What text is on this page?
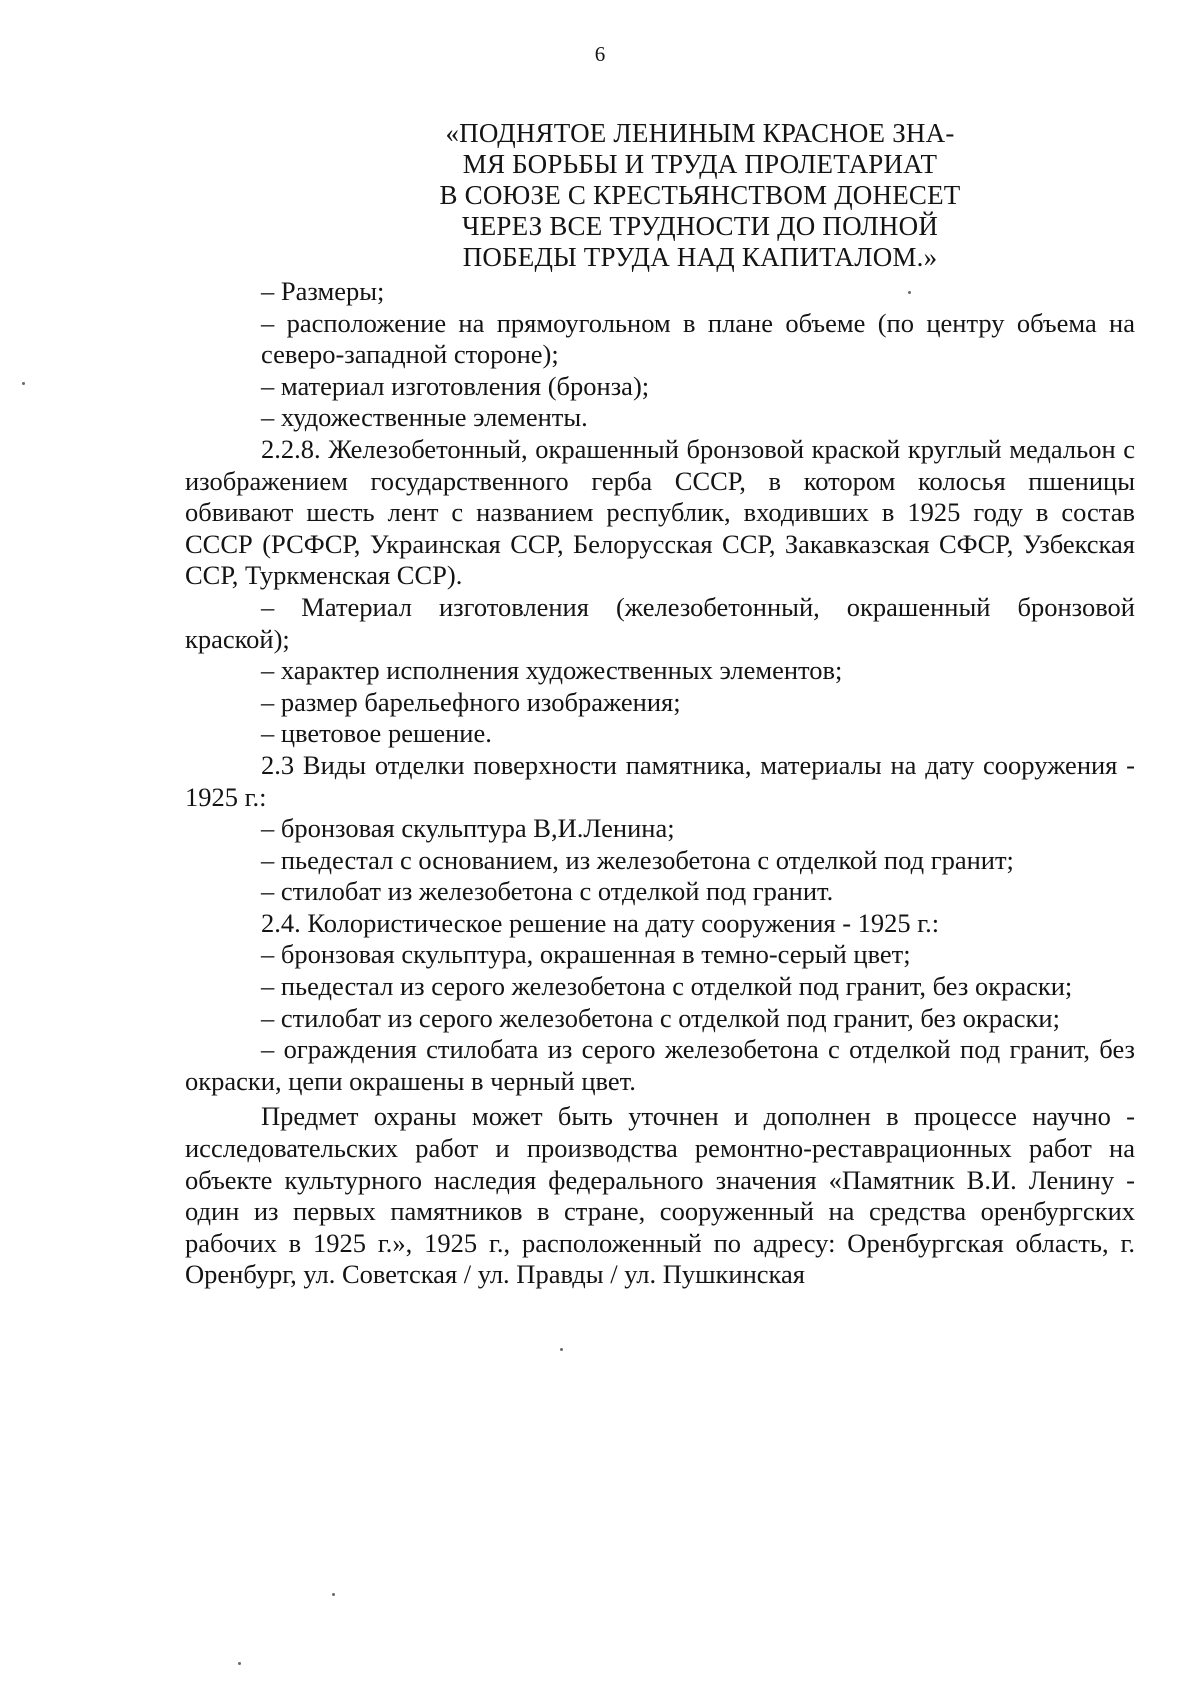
6
«ПОДНЯТОЕ ЛЕНИНЫМ КРАСНОЕ ЗНА-
МЯ БОРЬБЫ И ТРУДА ПРОЛЕТАРИАТ
В СОЮЗЕ С КРЕСТЬЯНСТВОМ ДОНЕСЕТ
ЧЕРЕЗ ВСЕ ТРУДНОСТИ ДО ПОЛНОЙ
ПОБЕДЫ ТРУДА НАД КАПИТАЛОМ.»

– Размеры;

– расположение на прямоугольном в плане объеме (по центру объема на северо-западной стороне);

– материал изготовления (бронза);

– художественные элементы.

2.2.8. Железобетонный, окрашенный бронзовой краской круглый медальон с изображением государственного герба СССР, в котором колосья пшеницы обвивают шесть лент с названием республик, входивших в 1925 году в состав СССР (РСФСР, Украинская ССР, Белорусская ССР, Закавказская СФСР, Узбекская ССР, Туркменская ССР).

– Материал изготовления (железобетонный, окрашенный бронзовой краской);

– характер исполнения художественных элементов;

– размер барельефного изображения;

– цветовое решение.

2.3 Виды отделки поверхности памятника, материалы на дату сооружения - 1925 г.:

– бронзовая скульптура В,И.Ленина;

– пьедестал с основанием, из железобетона с отделкой под гранит;

– стилобат из железобетона с отделкой под гранит.

2.4. Колористическое решение на дату сооружения - 1925 г.:

– бронзовая скульптура, окрашенная в темно-серый цвет;

– пьедестал из серого железобетона с отделкой под гранит, без окраски;

– стилобат из серого железобетона с отделкой под гранит, без окраски;

– ограждения стилобата из серого железобетона с отделкой под гранит, без окраски, цепи окрашены в черный цвет.

Предмет охраны может быть уточнен и дополнен в процессе научно - исследовательских работ и производства ремонтно-реставрационных работ на объекте культурного наследия федерального значения «Памятник В.И. Ленину - один из первых памятников в стране, сооруженный на средства оренбургских рабочих в 1925 г.», 1925 г., расположенный по адресу: Оренбургская область, г. Оренбург, ул. Советская / ул. Правды / ул. Пушкинская
